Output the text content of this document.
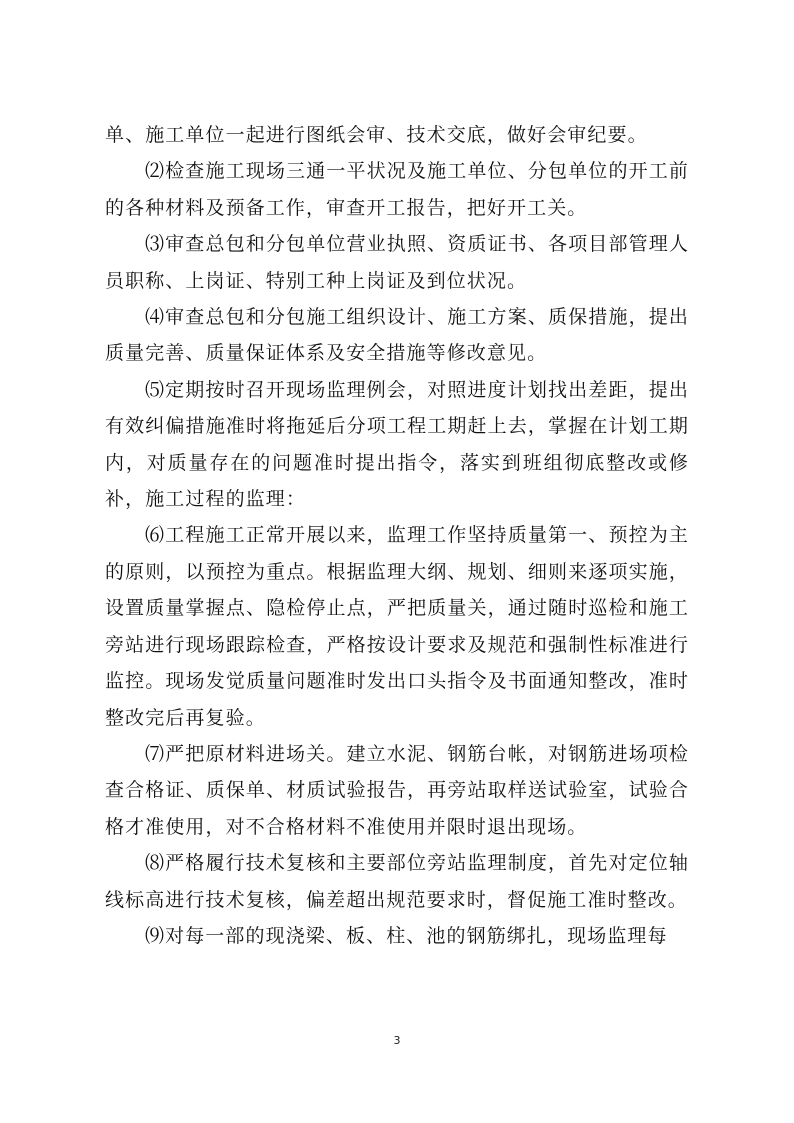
单、施工单位一起进行图纸会审、技术交底，做好会审纪要。

⑵检查施工现场三通一平状况及施工单位、分包单位的开工前的各种材料及预备工作，审查开工报告，把好开工关。

⑶审查总包和分包单位营业执照、资质证书、各项目部管理人员职称、上岗证、特别工种上岗证及到位状况。

⑷审查总包和分包施工组织设计、施工方案、质保措施，提出质量完善、质量保证体系及安全措施等修改意见。

⑸定期按时召开现场监理例会，对照进度计划找出差距，提出有效纠偏措施准时将拖延后分项工程工期赶上去，掌握在计划工期内，对质量存在的问题准时提出指令，落实到班组彻底整改或修补，施工过程的监理：

⑹工程施工正常开展以来，监理工作坚持质量第一、预控为主的原则，以预控为重点。根据监理大纲、规划、细则来逐项实施，设置质量掌握点、隐检停止点，严把质量关，通过随时巡检和施工旁站进行现场跟踪检查，严格按设计要求及规范和强制性标准进行监控。现场发觉质量问题准时发出口头指令及书面通知整改，准时整改完后再复验。

⑺严把原材料进场关。建立水泥、钢筋台帐，对钢筋进场项检查合格证、质保单、材质试验报告，再旁站取样送试验室，试验合格才准使用，对不合格材料不准使用并限时退出现场。

⑻严格履行技术复核和主要部位旁站监理制度，首先对定位轴线标高进行技术复核，偏差超出规范要求时，督促施工准时整改。

⑼对每一部的现浇梁、板、柱、池的钢筋绑扎，现场监理每

3
